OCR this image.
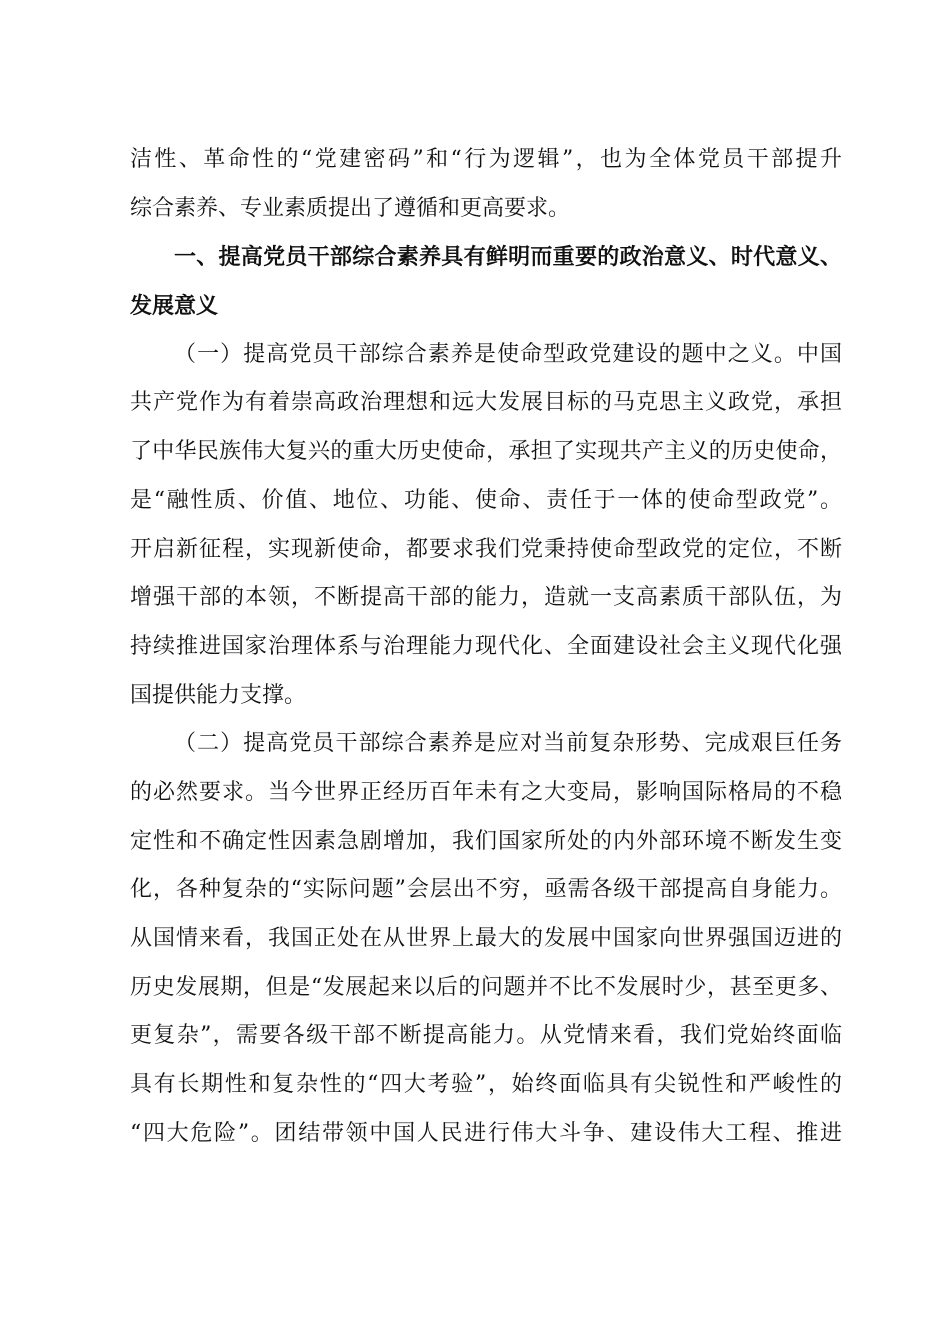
洁性、革命性的“党建密码”和“行为逻辑”，也为全体党员干部提升
综合素养、专业素质提出了遵循和更高要求。
一、提高党员干部综合素养具有鲜明而重要的政治意义、时代意义、
发展意义
（一）提高党员干部综合素养是使命型政党建设的题中之义。中国
共产党作为有着崇高政治理想和远大发展目标的马克思主义政党，承担
了中华民族伟大复兴的重大历史使命，承担了实现共产主义的历史使命，
是“融性质、价值、地位、功能、使命、责任于一体的使命型政党”。
开启新征程，实现新使命，都要求我们党秉持使命型政党的定位，不断
增强干部的本领，不断提高干部的能力，造就一支高素质干部队伍，为
持续推进国家治理体系与治理能力现代化、全面建设社会主义现代化强
国提供能力支撑。
（二）提高党员干部综合素养是应对当前复杂形势、完成艰巨任务
的必然要求。当今世界正经历百年未有之大变局，影响国际格局的不稳
定性和不确定性因素急剧增加，我们国家所处的内外部环境不断发生变
化，各种复杂的“实际问题”会层出不穷，亟需各级干部提高自身能力。
从国情来看，我国正处在从世界上最大的发展中国家向世界强国迈进的
历史发展期，但是“发展起来以后的问题并不比不发展时少，甚至更多、
更复杂”，需要各级干部不断提高能力。从党情来看，我们党始终面临
具有长期性和复杂性的“四大考验”，始终面临具有尖锐性和严峻性的
“四大危险”。团结带领中国人民进行伟大斗争、建设伟大工程、推进
